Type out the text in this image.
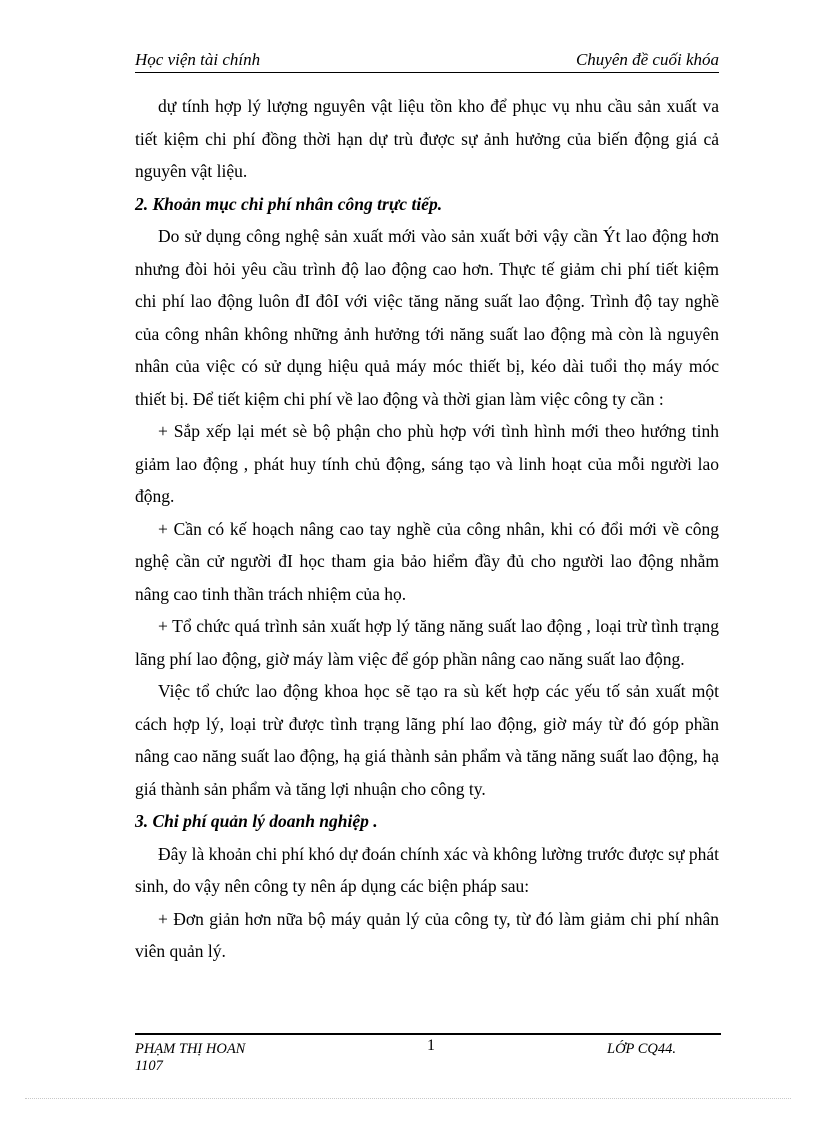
Học viện tài chính	Chuyên đề cuối khóa

dự tính hợp lý lượng nguyên vật liệu tồn kho để phục vụ nhu cầu sản xuất va tiết kiệm chi phí đồng thời hạn dự trù được sự ảnh hưởng của biến động giá cả nguyên vật liệu.

2. Khoản mục chi phí nhân công trực tiếp.

Do sử dụng công nghệ sản xuất mới vào sản xuất bởi vậy cần Ýt lao động hơn nhưng đòi hỏi yêu cầu trình độ lao động cao hơn. Thực tế giảm chi phí tiết kiệm chi phí lao động luôn đI đôI với việc tăng năng suất lao động. Trình độ tay nghề của công nhân không những ảnh hưởng tới năng suất lao động mà còn là nguyên nhân của việc có sử dụng hiệu quả máy móc thiết bị, kéo dài tuổi thọ máy móc thiết bị. Để tiết kiệm chi phí về lao động và thời gian làm việc công ty cần :

+ Sắp xếp lại mét sè bộ phận cho phù hợp với tình hình mới theo hướng tinh giảm lao động , phát huy tính chủ động, sáng tạo và linh hoạt của mỗi người lao động.

+ Cần có kế hoạch nâng cao tay nghề của công nhân, khi có đổi mới về công nghệ cần cử người đI học tham gia bảo hiểm đầy đủ cho người lao động nhằm nâng cao tinh thần trách nhiệm của họ.

+ Tổ chức quá trình sản xuất hợp lý tăng năng suất lao động , loại trừ tình trạng lãng phí lao động, giờ máy làm việc để góp phần nâng cao năng suất lao động.

Việc tổ chức lao động khoa học sẽ tạo ra sù kết hợp các yếu tố sản xuất một cách hợp lý, loại trừ được tình trạng lãng phí lao động, giờ máy từ đó góp phần nâng cao năng suất lao động, hạ giá thành sản phẩm và tăng năng suất lao động, hạ giá thành sản phẩm và tăng lợi nhuận cho công ty.

3. Chi phí quản lý doanh nghiệp .

Đây là khoản chi phí khó dự đoán chính xác và không lường trước được sự phát sinh, do vậy nên công ty nên áp dụng các biện pháp sau:

+ Đơn giản hơn nữa bộ máy quản lý của công ty, từ đó làm giảm chi phí nhân viên quản lý.

PHẠM THỊ HOAN
1107
1	LỚP CQ44.
